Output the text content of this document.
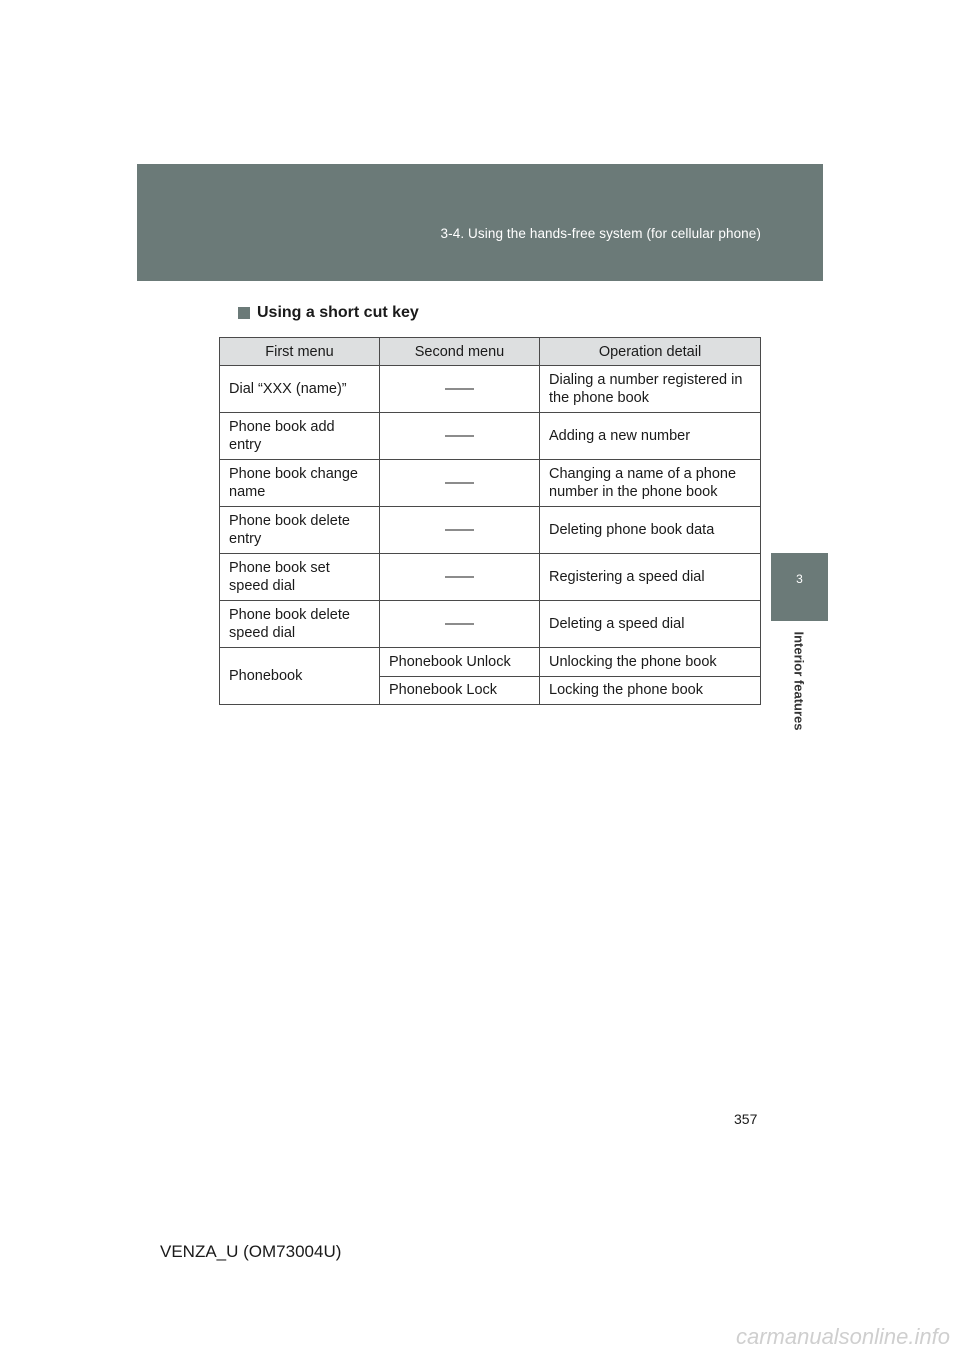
3-4. Using the hands-free system (for cellular phone)
3
Interior features
Using a short cut key
First menu	Second menu	Operation detail
Dial “XXX (name)”	——	Dialing a number registered in the phone book
Phone book add entry	——	Adding a new number
Phone book change name	——	Changing a name of a phone number in the phone book
Phone book delete entry	——	Deleting phone book data
Phone book set speed dial	——	Registering a speed dial
Phone book delete speed dial	——	Deleting a speed dial
Phonebook	Phonebook Unlock	Unlocking the phone book
	Phonebook Lock	Locking the phone book
357
VENZA_U (OM73004U)
carmanualsonline.info
